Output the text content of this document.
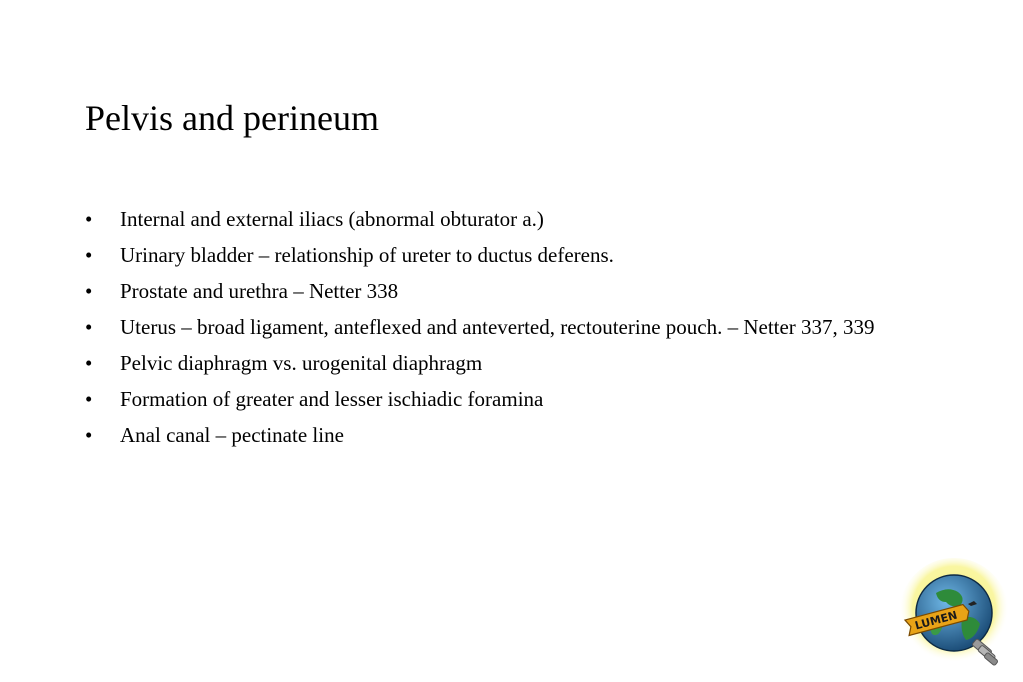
Pelvis and perineum
• Internal and external iliacs (abnormal obturator a.)
• Urinary bladder – relationship of ureter to ductus deferens.
• Prostate and urethra – Netter 338
• Uterus – broad ligament, anteflexed and anteverted, rectouterine pouch. – Netter 337, 339
• Pelvic diaphragm vs. urogenital diaphragm
• Formation of greater and lesser ischiadic foramina
• Anal canal – pectinate line
LUMEN
